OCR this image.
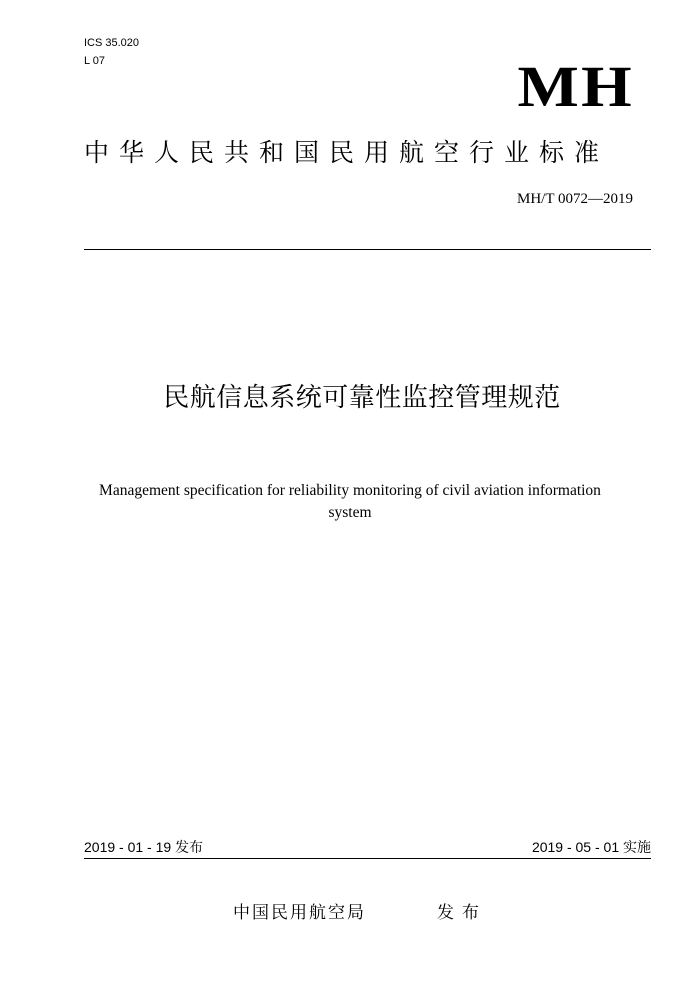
ICS 35.020
L 07	MH
中华人民共和国民用航空行业标准
MH/T 0072—2019
民航信息系统可靠性监控管理规范
Management specification for reliability monitoring of civil aviation information system
2019 - 01 - 19 发布	2019 - 05 - 01 实施
中国民用航空局	发布
